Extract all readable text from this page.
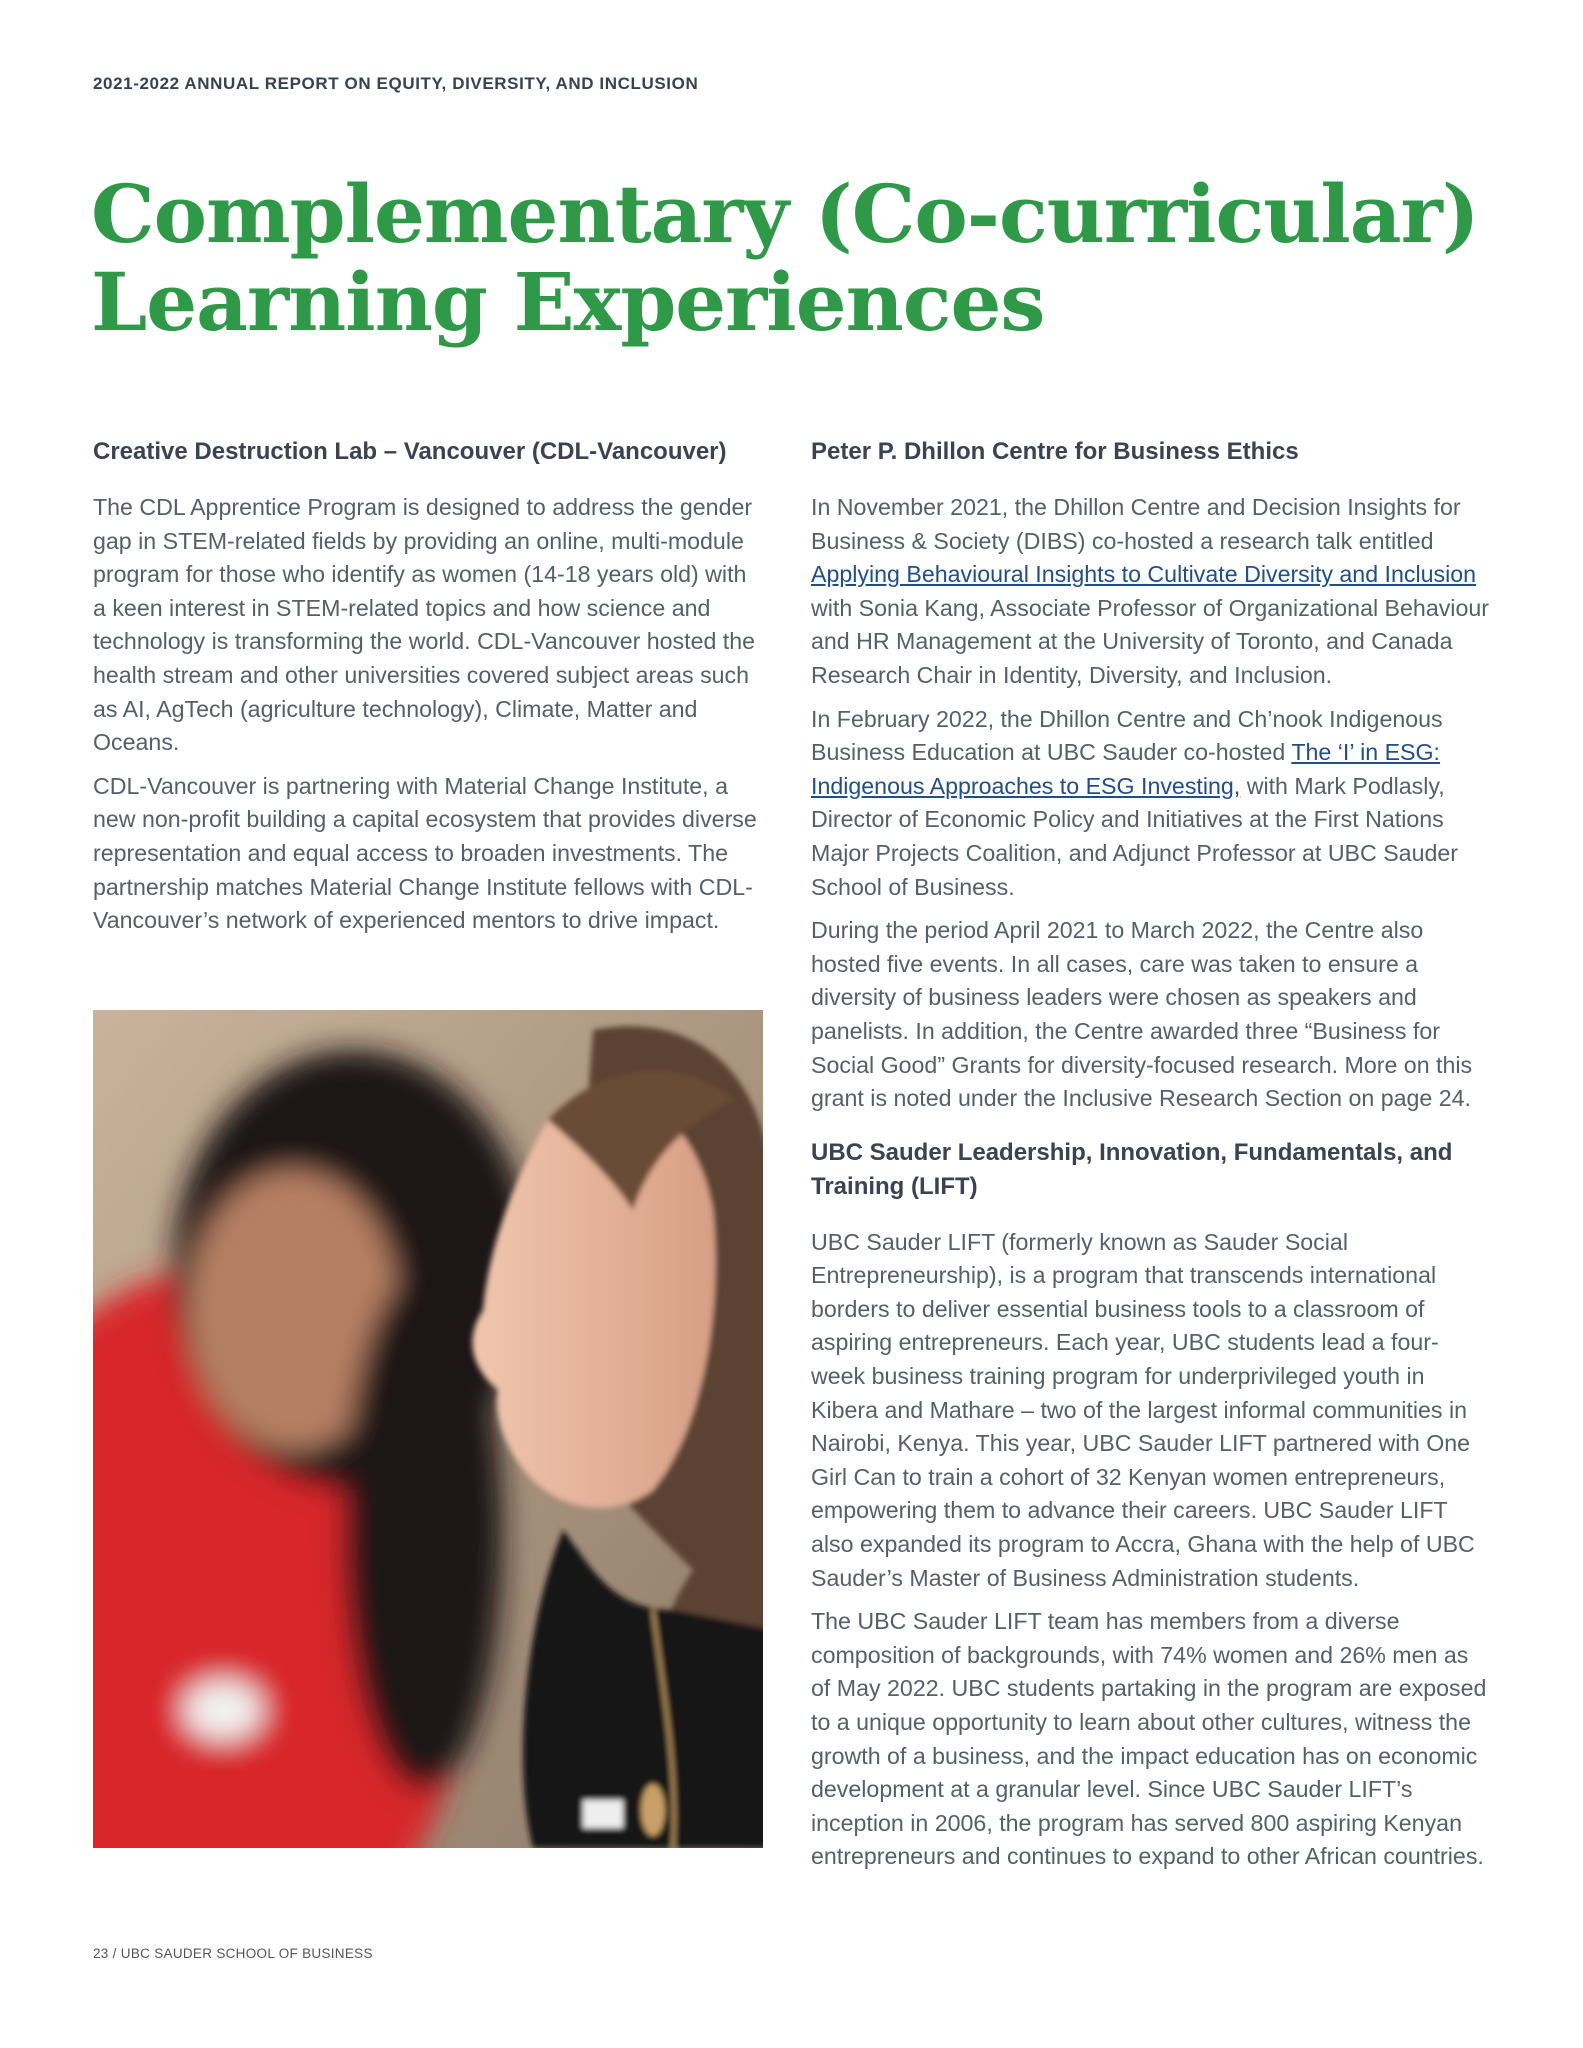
2021-2022 ANNUAL REPORT ON EQUITY, DIVERSITY, AND INCLUSION
Complementary (Co-curricular)
Learning Experiences
Creative Destruction Lab – Vancouver (CDL-Vancouver)

The CDL Apprentice Program is designed to address the gender gap in STEM-related fields by providing an online, multi-module program for those who identify as women (14-18 years old) with a keen interest in STEM-related topics and how science and technology is transforming the world. CDL-Vancouver hosted the health stream and other universities covered subject areas such as AI, AgTech (agriculture technology), Climate, Matter and Oceans.

CDL-Vancouver is partnering with Material Change Institute, a new non-profit building a capital ecosystem that provides diverse representation and equal access to broaden investments. The partnership matches Material Change Institute fellows with CDL-Vancouver’s network of experienced mentors to drive impact.

Peter P. Dhillon Centre for Business Ethics

In November 2021, the Dhillon Centre and Decision Insights for Business & Society (DIBS) co-hosted a research talk entitled Applying Behavioural Insights to Cultivate Diversity and Inclusion with Sonia Kang, Associate Professor of Organizational Behaviour and HR Management at the University of Toronto, and Canada Research Chair in Identity, Diversity, and Inclusion.

In February 2022, the Dhillon Centre and Ch’nook Indigenous Business Education at UBC Sauder co-hosted The ‘I’ in ESG: Indigenous Approaches to ESG Investing, with Mark Podlasly, Director of Economic Policy and Initiatives at the First Nations Major Projects Coalition, and Adjunct Professor at UBC Sauder School of Business.

During the period April 2021 to March 2022, the Centre also hosted five events. In all cases, care was taken to ensure a diversity of business leaders were chosen as speakers and panelists. In addition, the Centre awarded three “Business for Social Good” Grants for diversity-focused research. More on this grant is noted under the Inclusive Research Section on page 24.

UBC Sauder Leadership, Innovation, Fundamentals, and Training (LIFT)

UBC Sauder LIFT (formerly known as Sauder Social Entrepreneurship), is a program that transcends international borders to deliver essential business tools to a classroom of aspiring entrepreneurs. Each year, UBC students lead a four-week business training program for underprivileged youth in Kibera and Mathare – two of the largest informal communities in Nairobi, Kenya. This year, UBC Sauder LIFT partnered with One Girl Can to train a cohort of 32 Kenyan women entrepreneurs, empowering them to advance their careers. UBC Sauder LIFT also expanded its program to Accra, Ghana with the help of UBC Sauder’s Master of Business Administration students.

The UBC Sauder LIFT team has members from a diverse composition of backgrounds, with 74% women and 26% men as of May 2022. UBC students partaking in the program are exposed to a unique opportunity to learn about other cultures, witness the growth of a business, and the impact education has on economic development at a granular level. Since UBC Sauder LIFT’s inception in 2006, the program has served 800 aspiring Kenyan entrepreneurs and continues to expand to other African countries.

23 / UBC SAUDER SCHOOL OF BUSINESS
